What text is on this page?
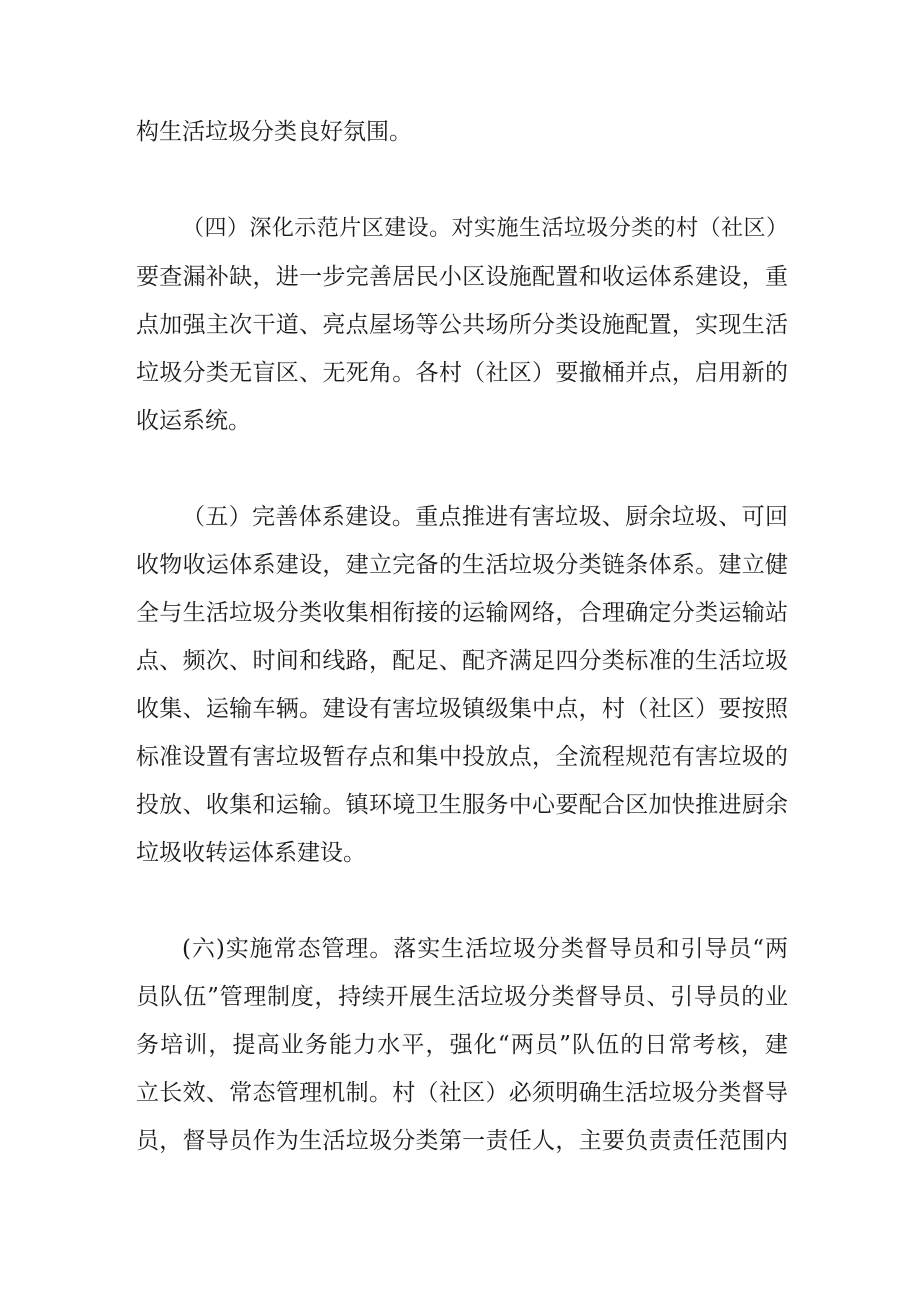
构生活垃圾分类良好氛围。
（四）深化示范片区建设。对实施生活垃圾分类的村（社区）
要查漏补缺，进一步完善居民小区设施配置和收运体系建设，重
点加强主次干道、亮点屋场等公共场所分类设施配置，实现生活
垃圾分类无盲区、无死角。各村（社区）要撤桶并点，启用新的
收运系统。
（五）完善体系建设。重点推进有害垃圾、厨余垃圾、可回
收物收运体系建设，建立完备的生活垃圾分类链条体系。建立健
全与生活垃圾分类收集相衔接的运输网络，合理确定分类运输站
点、频次、时间和线路，配足、配齐满足四分类标准的生活垃圾
收集、运输车辆。建设有害垃圾镇级集中点，村（社区）要按照
标准设置有害垃圾暂存点和集中投放点，全流程规范有害垃圾的
投放、收集和运输。镇环境卫生服务中心要配合区加快推进厨余
垃圾收转运体系建设。
(六)实施常态管理。落实生活垃圾分类督导员和引导员“两
员队伍”管理制度，持续开展生活垃圾分类督导员、引导员的业
务培训，提高业务能力水平，强化“两员”队伍的日常考核，建
立长效、常态管理机制。村（社区）必须明确生活垃圾分类督导
员，督导员作为生活垃圾分类第一责任人，主要负责责任范围内
